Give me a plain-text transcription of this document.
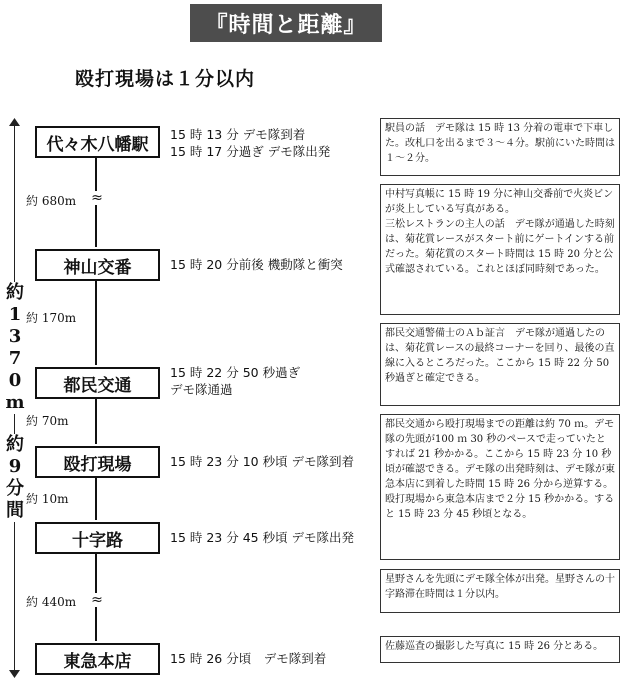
『時間と距離』
殴打現場は１分以内
約1370m
約9分間
≈
≈
代々木八幡駅
神山交番
都民交通
殴打現場
十字路
東急本店
約 680m
約 170m
約 70m
約 10m
約 440m
15 時 13 分 デモ隊到着
15 時 17 分過ぎ デモ隊出発
15 時 20 分前後 機動隊と衝突
15 時 22 分 50 秒過ぎ
デモ隊通過
15 時 23 分 10 秒頃 デモ隊到着
15 時 23 分 45 秒頃 デモ隊出発
15 時 26 分頃　デモ隊到着
駅員の話　デモ隊は 15 時 13 分着の電車で下車した。改札口を出るまで３～４分。駅前にいた時間は１～２分。
中村写真帳に 15 時 19 分に神山交番前で火炎ビンが炎上している写真がある。
三松レストランの主人の話　デモ隊が通過した時刻は、菊花賞レースがスタート前にゲートインする前だった。菊花賞のスタート時間は 15 時 20 分と公式確認されている。これとほぼ同時刻であった。
都民交通警備士のＡｂ証言　デモ隊が通過したのは、菊花賞レースの最終コーナーを回り、最後の直線に入るところだった。ここから 15 時 22 分 50 秒過ぎと確定できる。
都民交通から殴打現場までの距離は約 70 ｍ。デモ隊の先頭が100 ｍ 30 秒のペースで走っていたとすれば 21 秒かかる。ここから 15 時 23 分 10 秒頃が確認できる。デモ隊の出発時刻は、デモ隊が東急本店に到着した時間 15 時 26 分から逆算する。殴打現場から東急本店まで２分 15 秒かかる。すると 15 時 23 分 45 秒頃となる。
星野さんを先頭にデモ隊全体が出発。星野さんの十字路滞在時間は１分以内。
佐藤巡査の撮影した写真に 15 時 26 分とある。
